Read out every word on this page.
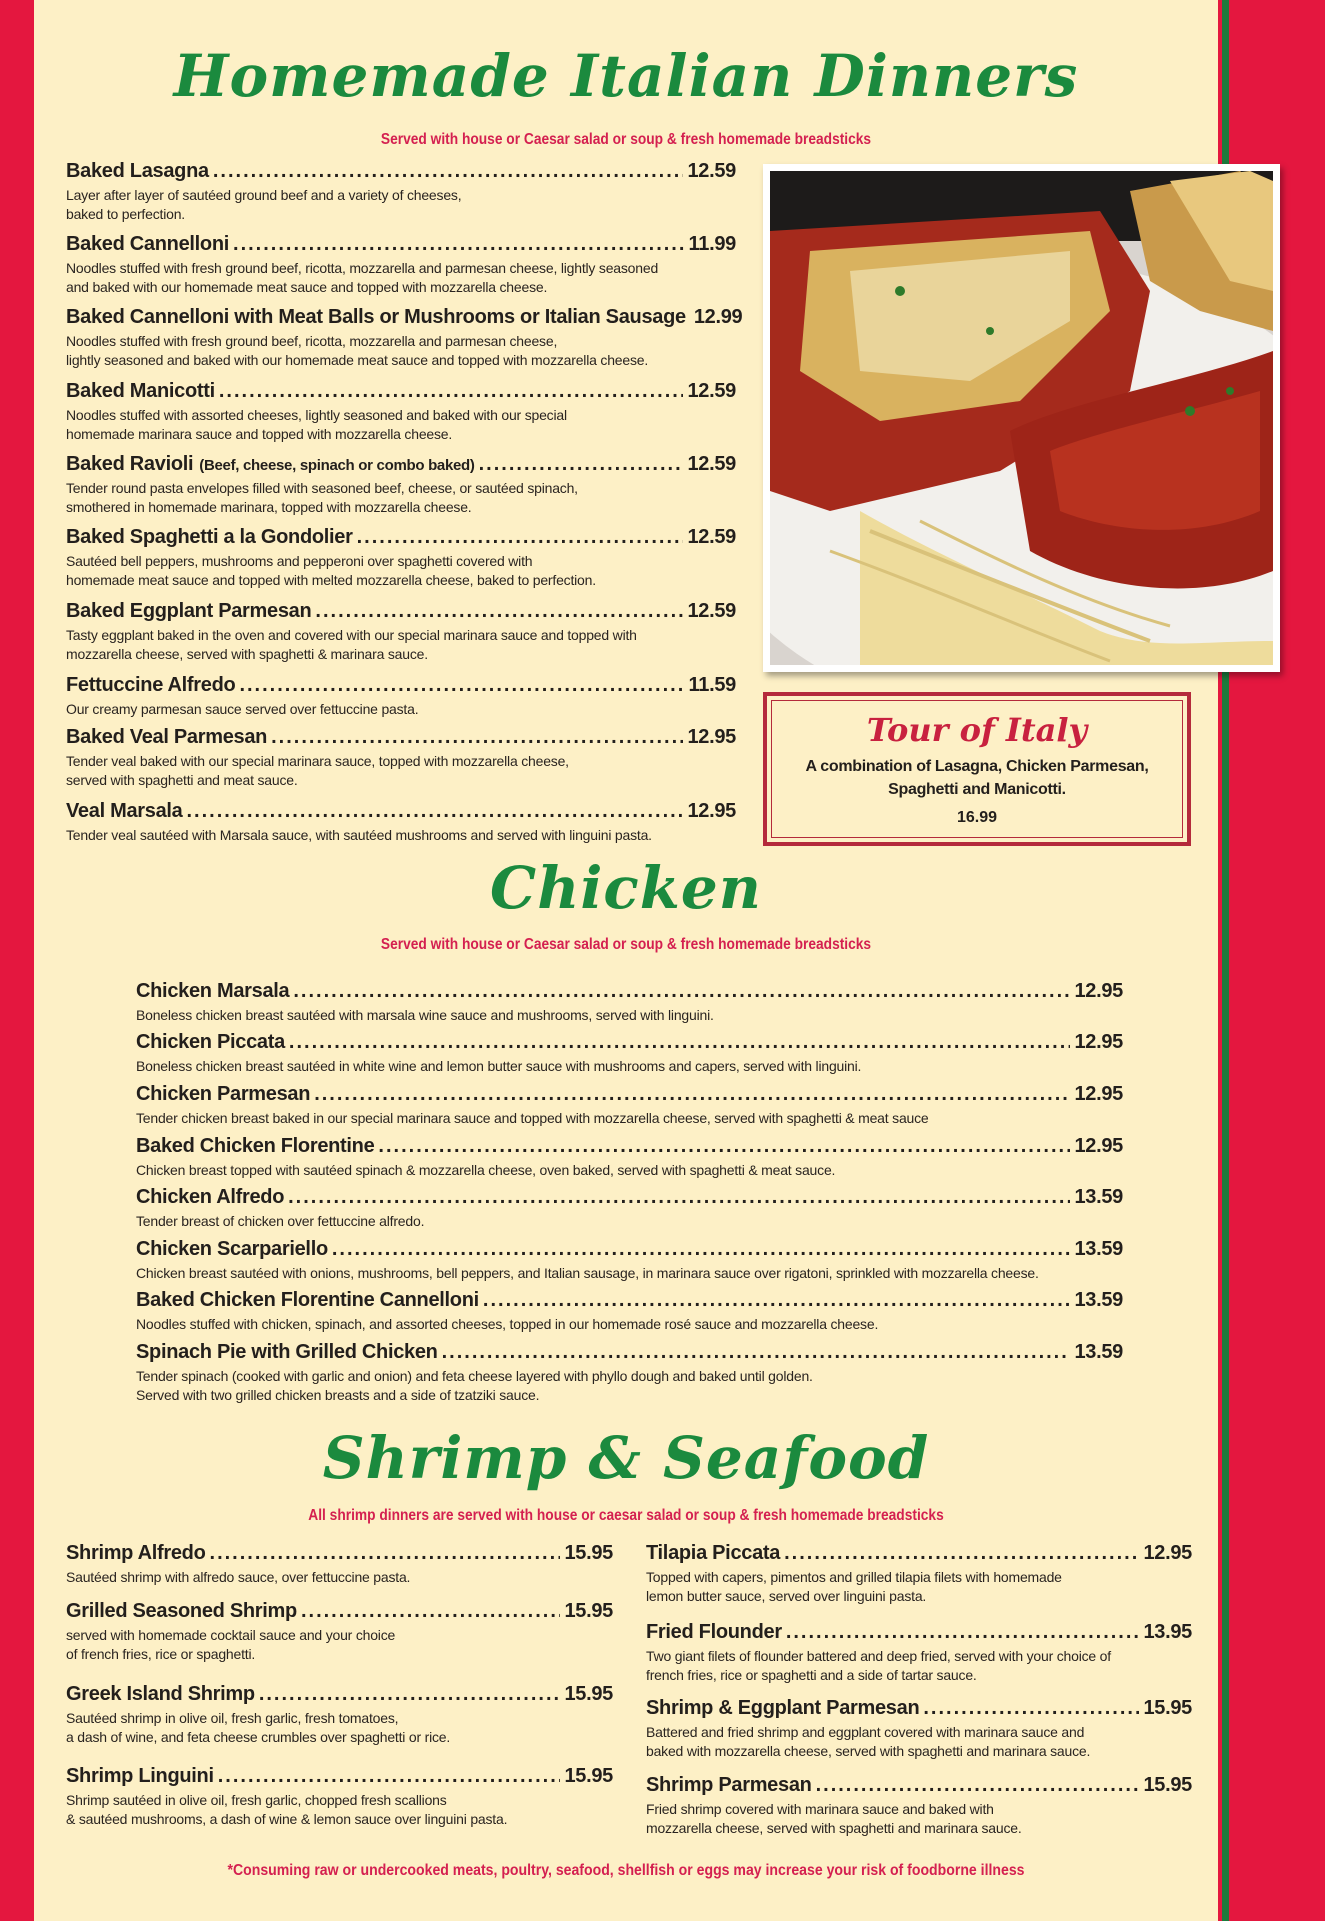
Homemade Italian Dinners
Served with house or Caesar salad or soup & fresh homemade breadsticks
Baked Lasagna .....	12.59
Layer after layer of sautéed ground beef and a variety of cheeses,
baked to perfection.
Baked Cannelloni .....	11.99
Noodles stuffed with fresh ground beef, ricotta, mozzarella and parmesan cheese, lightly seasoned
and baked with our homemade meat sauce and topped with mozzarella cheese.
Baked Cannelloni with Meat Balls or Mushrooms or Italian Sausage 12.99
Noodles stuffed with fresh ground beef, ricotta, mozzarella and parmesan cheese,
lightly seasoned and baked with our homemade meat sauce and topped with mozzarella cheese.
Baked Manicotti .....	12.59
Noodles stuffed with assorted cheeses, lightly seasoned and baked with our special
homemade marinara sauce and topped with mozzarella cheese.
Baked Ravioli (Beef, cheese, spinach or combo baked) .....	12.59
Tender round pasta envelopes filled with seasoned beef, cheese, or sautéed spinach,
smothered in homemade marinara, topped with mozzarella cheese.
Baked Spaghetti a la Gondolier .....	12.59
Sautéed bell peppers, mushrooms and pepperoni over spaghetti covered with
homemade meat sauce and topped with melted mozzarella cheese, baked to perfection.
Baked Eggplant Parmesan .....	12.59
Tasty eggplant baked in the oven and covered with our special marinara sauce and topped with
mozzarella cheese, served with spaghetti & marinara sauce.
Fettuccine Alfredo .....	11.59
Our creamy parmesan sauce served over fettuccine pasta.
Baked Veal Parmesan .....	12.95
Tender veal baked with our special marinara sauce, topped with mozzarella cheese,
served with spaghetti and meat sauce.
Veal Marsala .....	12.95
Tender veal sautéed with Marsala sauce, with sautéed mushrooms and served with linguini pasta.
Tour of Italy
A combination of Lasagna, Chicken Parmesan,
Spaghetti and Manicotti.
16.99
Chicken
Served with house or Caesar salad or soup & fresh homemade breadsticks
Chicken Marsala .....	12.95
Boneless chicken breast sautéed with marsala wine sauce and mushrooms, served with linguini.
Chicken Piccata .....	12.95
Boneless chicken breast sautéed in white wine and lemon butter sauce with mushrooms and capers, served with linguini.
Chicken Parmesan .....	12.95
Tender chicken breast baked in our special marinara sauce and topped with mozzarella cheese, served with spaghetti & meat sauce
Baked Chicken Florentine .....	12.95
Chicken breast topped with sautéed spinach & mozzarella cheese, oven baked, served with spaghetti & meat sauce.
Chicken Alfredo .....	13.59
Tender breast of chicken over fettuccine alfredo.
Chicken Scarpariello .....	13.59
Chicken breast sautéed with onions, mushrooms, bell peppers, and Italian sausage, in marinara sauce over rigatoni, sprinkled with mozzarella cheese.
Baked Chicken Florentine Cannelloni .....	13.59
Noodles stuffed with chicken, spinach, and assorted cheeses, topped in our homemade rosé sauce and mozzarella cheese.
Spinach Pie with Grilled Chicken .....	13.59
Tender spinach (cooked with garlic and onion) and feta cheese layered with phyllo dough and baked until golden.
Served with two grilled chicken breasts and a side of tzatziki sauce.
Shrimp & Seafood
All shrimp dinners are served with house or caesar salad or soup & fresh homemade breadsticks
Shrimp Alfredo .....	15.95
Sautéed shrimp with alfredo sauce, over fettuccine pasta.
Grilled Seasoned Shrimp .....	15.95
served with homemade cocktail sauce and your choice
of french fries, rice or spaghetti.
Greek Island Shrimp .....	15.95
Sautéed shrimp in olive oil, fresh garlic, fresh tomatoes,
a dash of wine, and feta cheese crumbles over spaghetti or rice.
Shrimp Linguini .....	15.95
Shrimp sautéed in olive oil, fresh garlic, chopped fresh scallions
& sautéed mushrooms, a dash of wine & lemon sauce over linguini pasta.
Tilapia Piccata .....	12.95
Topped with capers, pimentos and grilled tilapia filets with homemade
lemon butter sauce, served over linguini pasta.
Fried Flounder .....	13.95
Two giant filets of flounder battered and deep fried, served with your choice of
french fries, rice or spaghetti and a side of tartar sauce.
Shrimp & Eggplant Parmesan .....	15.95
Battered and fried shrimp and eggplant covered with marinara sauce and
baked with mozzarella cheese, served with spaghetti and marinara sauce.
Shrimp Parmesan .....	15.95
Fried shrimp covered with marinara sauce and baked with
mozzarella cheese, served with spaghetti and marinara sauce.
*Consuming raw or undercooked meats, poultry, seafood, shellfish or eggs may increase your risk of foodborne illness
